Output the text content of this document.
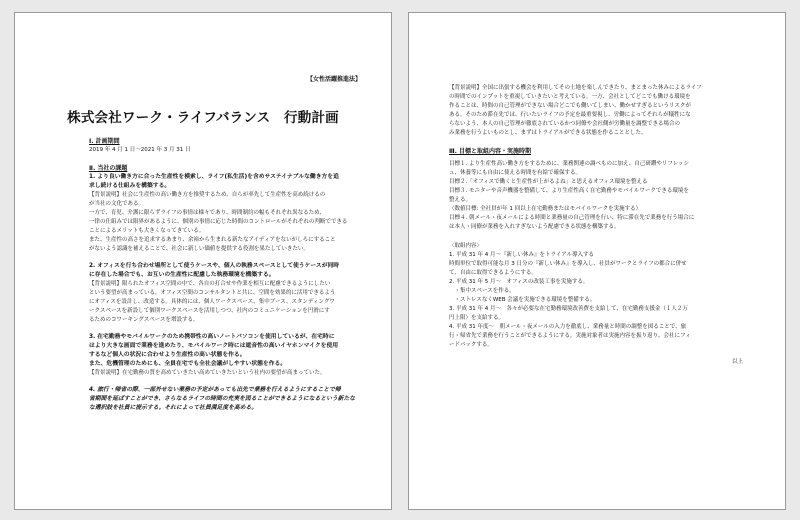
【女性活躍推進法】
株式会社ワーク・ライフバランス　行動計画

Ⅰ. 計画期間

2019 年 4 月 1 日〜2021 年 3 月 31 日

Ⅱ. 当社の課題

1. より良い働き方に合った生産性を模索し、ライフ(私生活)を含めサステイナブルな働き方を追
求し続ける仕組みを構築する。

【背景説明】社会に生産性の高い働き方を推奨するため、自らが率先して生産性を高め続けるの
が当社の文化である。

一方で、育児、介護に限らずライフの事情は様々であり、時間制約の幅もそれぞれ異なるため、
一律の仕組みでは限界があるように、個別の事情に応じた時間のコントロールがそれぞれの判断でできる
ことによるメリットも大きくなってきている。

また、生産性の高さを追求するあまり、余裕から生まれる新たなアイディアをないがしろにすること
がないよう認識を補えることで、社会に新しい価値を提供する役割を果たしていきたい。

2. オフィスを行ち合わせ場所として使うケースや、個人の執務スペースとして使うケースが同時
に存在した場合でも、お互いの生産性に配慮した執務環境を構築する。

【背景説明】限られたオフィス空間の中で、各自の打合せや作業を相互に配慮できるようにしたい
という要望が高まっている。オフィス空間のコンサルタントと共に、空間を効果的に活用できるよう
にオフィスを設計し、改造する。具体的には、個人ワークスペース、集中ブース、スタンディングワ
ークスペースを新設して個別ワークスペースを活用しつつ、社内のコミュニケーションを円滑にす
るためのコワーキングスペースを増設する。

3. 在宅勤務やモバイルワークのため携帯性の高いノートパソコンを使用しているが、在宅時に
はより大きな画面で業務を進めたり、モバイルワーク時には遮音性の高いイヤホンマイクを使用
するなど個人の状況に合わせより生産性の高い状態を作る。

また、危機管理のためにも、全員在宅でも全社会議がしやすい状態を作る。

【背景説明】在宅勤務の質を高めていきたい高めていきたいという社内の要望が高まっていた。

4. 旅行・帰省の際、一部外せない業務の予定があっても出先で業務を行えるようにすることで帰
省期間を延ばすことができ、さらなるライフの時間の充実を図ることができるようになるという新たな
な選択肢を社員に提示する。それによって社員満足度を高める。

【背景説明】全国に出張する機会を利用してその土地を楽しんできたり、まとまった休みによるライフ
の時間でのインプットを重視していきたいと考えている。一方、会社としてどこでも働ける環境を
作ることは、時間の自己管理ができない場合どこでも働いてしまい、働かせすぎるというリスクが
ある。そのため滞在先では、行いたいライフの予定を最重要視し、労働によってそれらが犠牲にな
らないよう、本人の自己管理が徹底されているかつ同僚や会社側が労働量を調整できる場合の
み業務を行うよいものとし、まずはトライアルができる状態を作ることとした。

Ⅲ. 目標と取組内容・実施時期

目標１. より生産性高い働き方をするために、業務関連の調べものに加え、自己研鑽やリフレッシ
ュ、休養等にも自由に使える時間を有給で確保する。
目標２.「オフィスで働くと生産性が上がるよね」と思えるオフィス環境を整える
目標３. モニターや音声機器を整備して、より生産性高く在宅勤務やモバイルワークできる環境を
整える。
（数値目標: 全社員が年 1 回以上在宅勤務またはモバイルワークを実施する）
目標４. 朝メール・夜メールによる時間と業務量の自己管理を行い、特に滞在先で業務を行う場合に
は本人・同僚が業務を入れすぎないよう配慮できる状態を構築する。

〈取組内容〉

1. 平成 31 年 4 月〜『新しい休み』をトライアル導入する
時間単位で取得可能な月 3 日分の『新しい休み』を導入し、社員がワークとライフの都合に併せ
て、自由に取得できるようにする。
2. 平成 31 年 5 月〜　オフィスの改装工事を実施する。
　・集中スペースを作る。
　・ストレスなくWEB 会議を実施できる環境を整備する。
3. 平成 31 年 4 月〜　各々が必要な在宅勤務環境改善費を支給して、在宅勤務支援金（１人２万
円上限）を支給する。
4. 平成 31 年度〜　朝メール・夜メールの入力を徹底し、業務量と時間の調整を図ることで、旅
行・帰省先で業務を行うことができるようにする。実施対象者は実施内容を振り返り、会社にフィ
ードバックする。

以上
